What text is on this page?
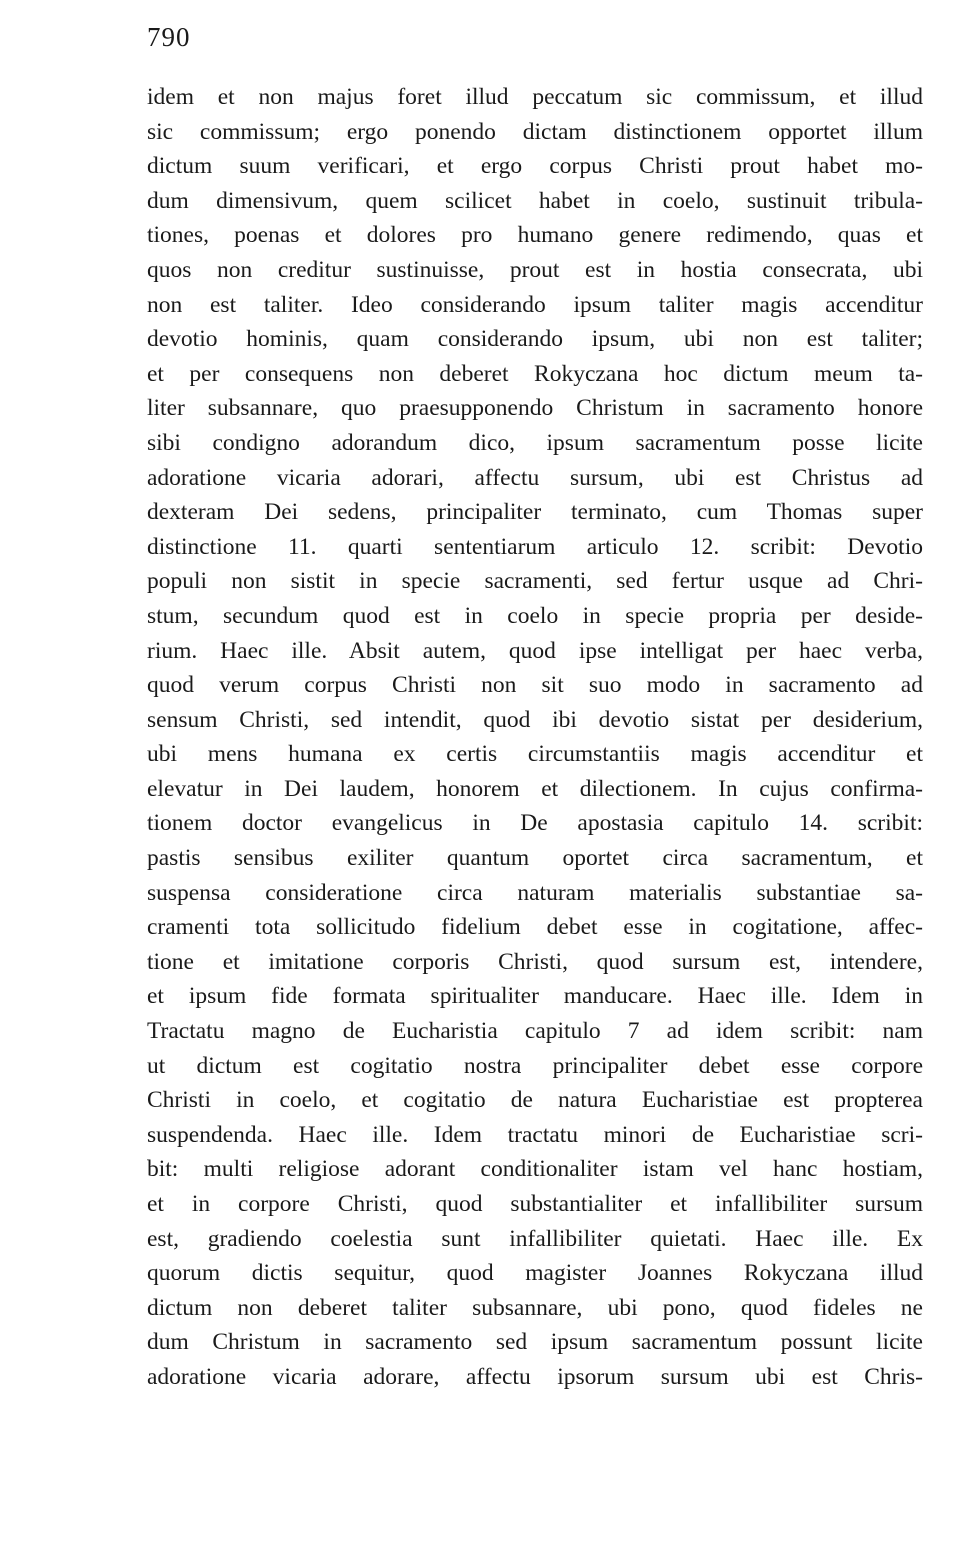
790
idem et non majus foret illud peccatum sic commissum, et illud
sic commissum; ergo ponendo dictam distinctionem opportet illum
dictum suum verificari, et ergo corpus Christi prout habet mo-
dum dimensivum, quem scilicet habet in coelo, sustinuit tribula-
tiones, poenas et dolores pro humano genere redimendo, quas et
quos non creditur sustinuisse, prout est in hostia consecrata, ubi
non est taliter. Ideo considerando ipsum taliter magis accenditur
devotio hominis, quam considerando ipsum, ubi non est taliter;
et per consequens non deberet Rokyczana hoc dictum meum ta-
liter subsannare, quo praesupponendo Christum in sacramento honore
sibi condigno adorandum dico, ipsum sacramentum posse licite
adoratione vicaria adorari, affectu sursum, ubi est Christus ad
dexteram Dei sedens, principaliter terminato, cum Thomas super
distinctione 11. quarti sententiarum articulo 12. scribit: Devotio
populi non sistit in specie sacramenti, sed fertur usque ad Chri-
stum, secundum quod est in coelo in specie propria per deside-
rium. Haec ille. Absit autem, quod ipse intelligat per haec verba,
quod verum corpus Christi non sit suo modo in sacramento ad
sensum Christi, sed intendit, quod ibi devotio sistat per desiderium,
ubi mens humana ex certis circumstantiis magis accenditur et
elevatur in Dei laudem, honorem et dilectionem. In cujus confirma-
tionem doctor evangelicus in De apostasia capitulo 14. scribit:
pastis sensibus exiliter quantum oportet circa sacramentum, et
suspensa consideratione circa naturam materialis substantiae sa-
cramenti tota sollicitudo fidelium debet esse in cogitatione, affec-
tione et imitatione corporis Christi, quod sursum est, intendere,
et ipsum fide formata spiritualiter manducare. Haec ille. Idem in
Tractatu magno de Eucharistia capitulo 7 ad idem scribit: nam
ut dictum est cogitatio nostra principaliter debet esse corpore
Christi in coelo, et cogitatio de natura Eucharistiae est propterea
suspendenda. Haec ille. Idem tractatu minori de Eucharistiae scri-
bit: multi religiose adorant conditionaliter istam vel hanc hostiam,
et in corpore Christi, quod substantialiter et infallibiliter sursum
est, gradiendo coelestia sunt infallibiliter quietati. Haec ille. Ex
quorum dictis sequitur, quod magister Joannes Rokyczana illud
dictum non deberet taliter subsannare, ubi pono, quod fideles ne
dum Christum in sacramento sed ipsum sacramentum possunt licite
adoratione vicaria adorare, affectu ipsorum sursum ubi est Chris-
